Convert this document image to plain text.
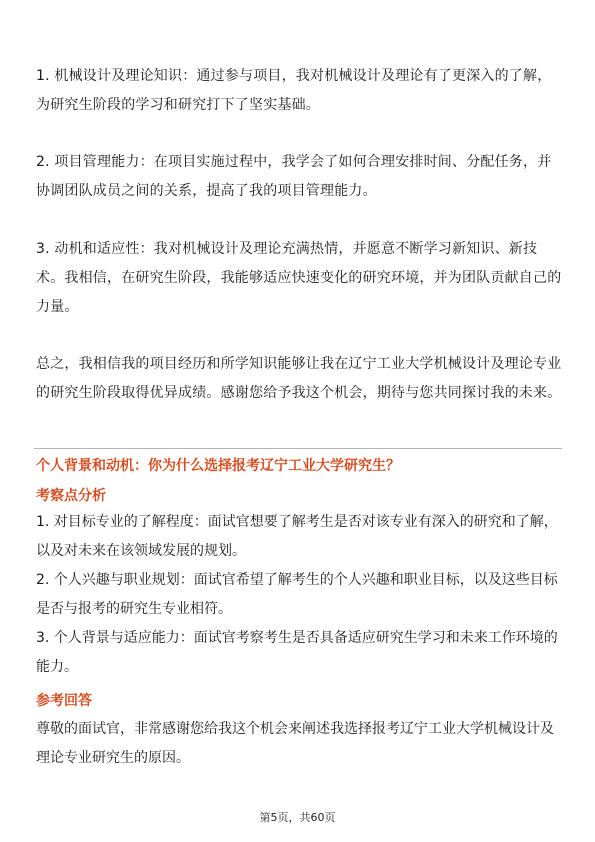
1. 机械设计及理论知识：通过参与项目，我对机械设计及理论有了更深入的了解，为研究生阶段的学习和研究打下了坚实基础。

2. 项目管理能力：在项目实施过程中，我学会了如何合理安排时间、分配任务，并协调团队成员之间的关系，提高了我的项目管理能力。

3. 动机和适应性：我对机械设计及理论充满热情，并愿意不断学习新知识、新技术。我相信，在研究生阶段，我能够适应快速变化的研究环境，并为团队贡献自己的力量。

总之，我相信我的项目经历和所学知识能够让我在辽宁工业大学机械设计及理论专业的研究生阶段取得优异成绩。感谢您给予我这个机会，期待与您共同探讨我的未来。

个人背景和动机：你为什么选择报考辽宁工业大学研究生？

考察点分析

1. 对目标专业的了解程度：面试官想要了解考生是否对该专业有深入的研究和了解，以及对未来在该领域发展的规划。

2. 个人兴趣与职业规划：面试官希望了解考生的个人兴趣和职业目标，以及这些目标是否与报考的研究生专业相符。

3. 个人背景与适应能力：面试官考察考生是否具备适应研究生学习和未来工作环境的能力。

参考回答

尊敬的面试官，非常感谢您给我这个机会来阐述我选择报考辽宁工业大学机械设计及理论专业研究生的原因。

第5页，共60页
